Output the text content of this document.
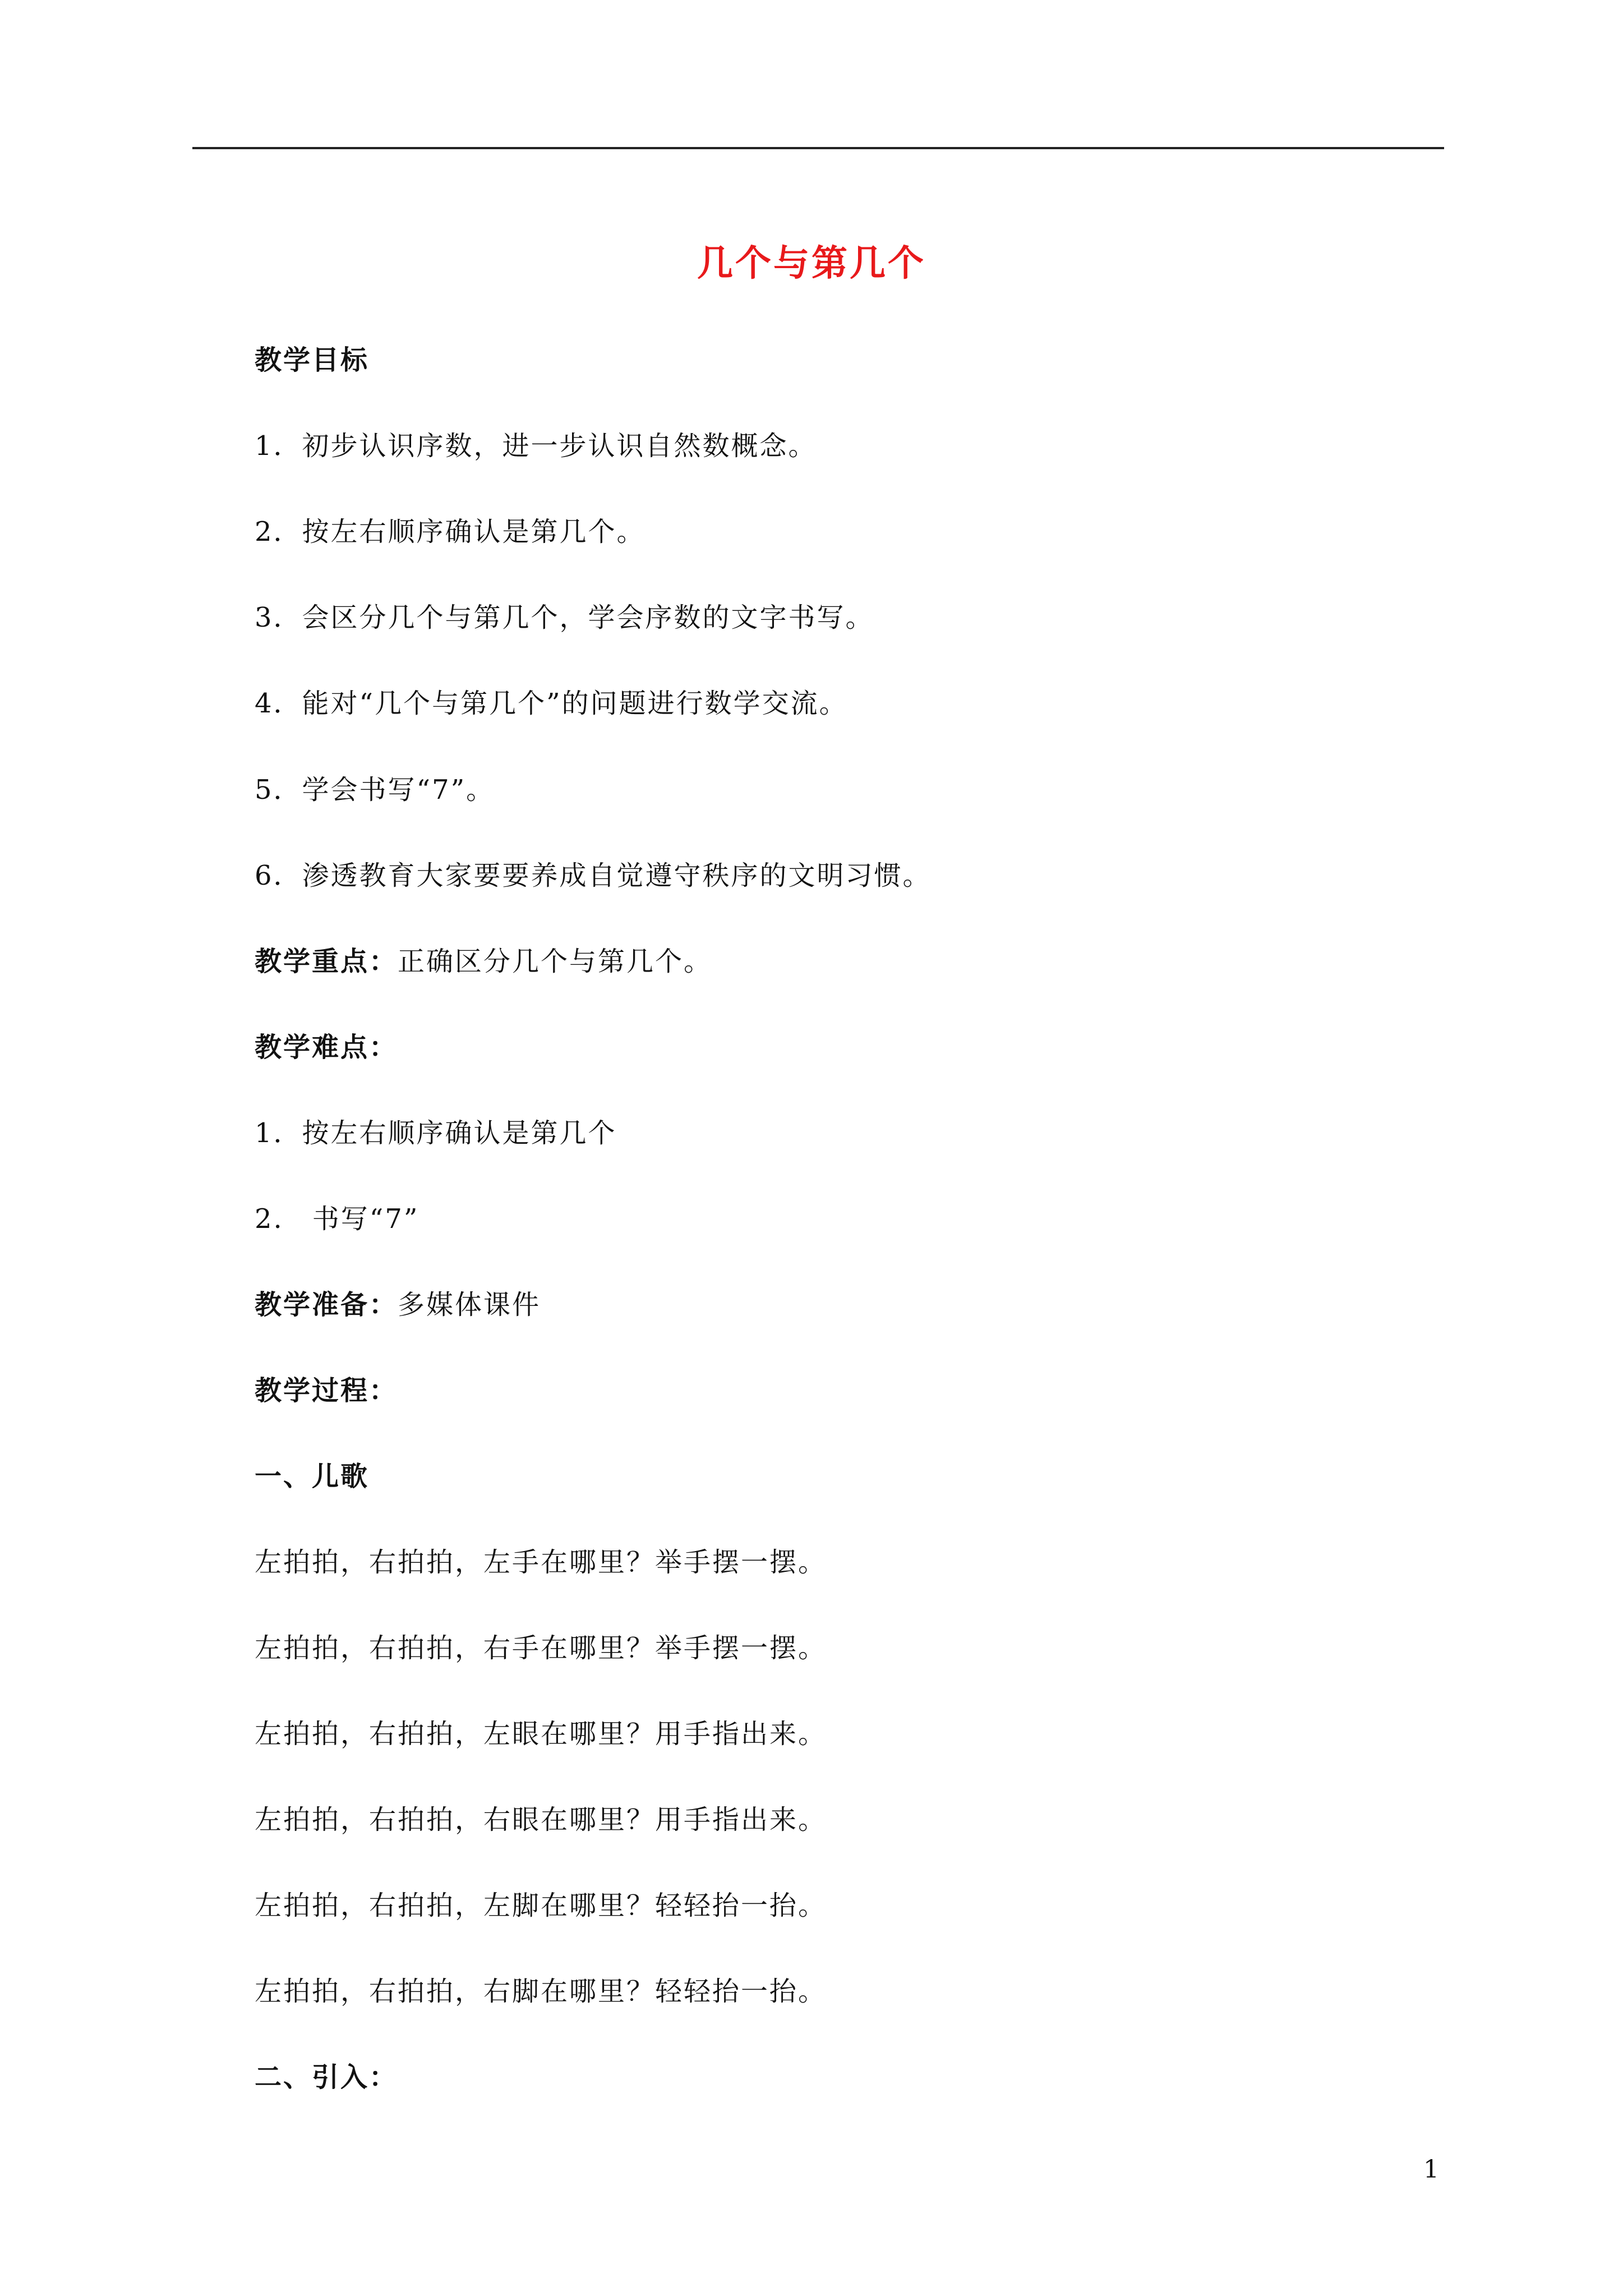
几个与第几个
教学目标
1．初步认识序数，进一步认识自然数概念。
2．按左右顺序确认是第几个。
3．会区分几个与第几个，学会序数的文字书写。
4．能对“几个与第几个”的问题进行数学交流。
5．学会书写“7”。
6．渗透教育大家要要养成自觉遵守秩序的文明习惯。
教学重点：正确区分几个与第几个。
教学难点：
1．按左右顺序确认是第几个
2.　书写“7”
教学准备：多媒体课件
教学过程：
一、儿歌
左拍拍，右拍拍，左手在哪里？举手摆一摆。
左拍拍，右拍拍，右手在哪里？举手摆一摆。
左拍拍，右拍拍，左眼在哪里？用手指出来。
左拍拍，右拍拍，右眼在哪里？用手指出来。
左拍拍，右拍拍，左脚在哪里？轻轻抬一抬。
左拍拍，右拍拍，右脚在哪里？轻轻抬一抬。
二、引入：
1
